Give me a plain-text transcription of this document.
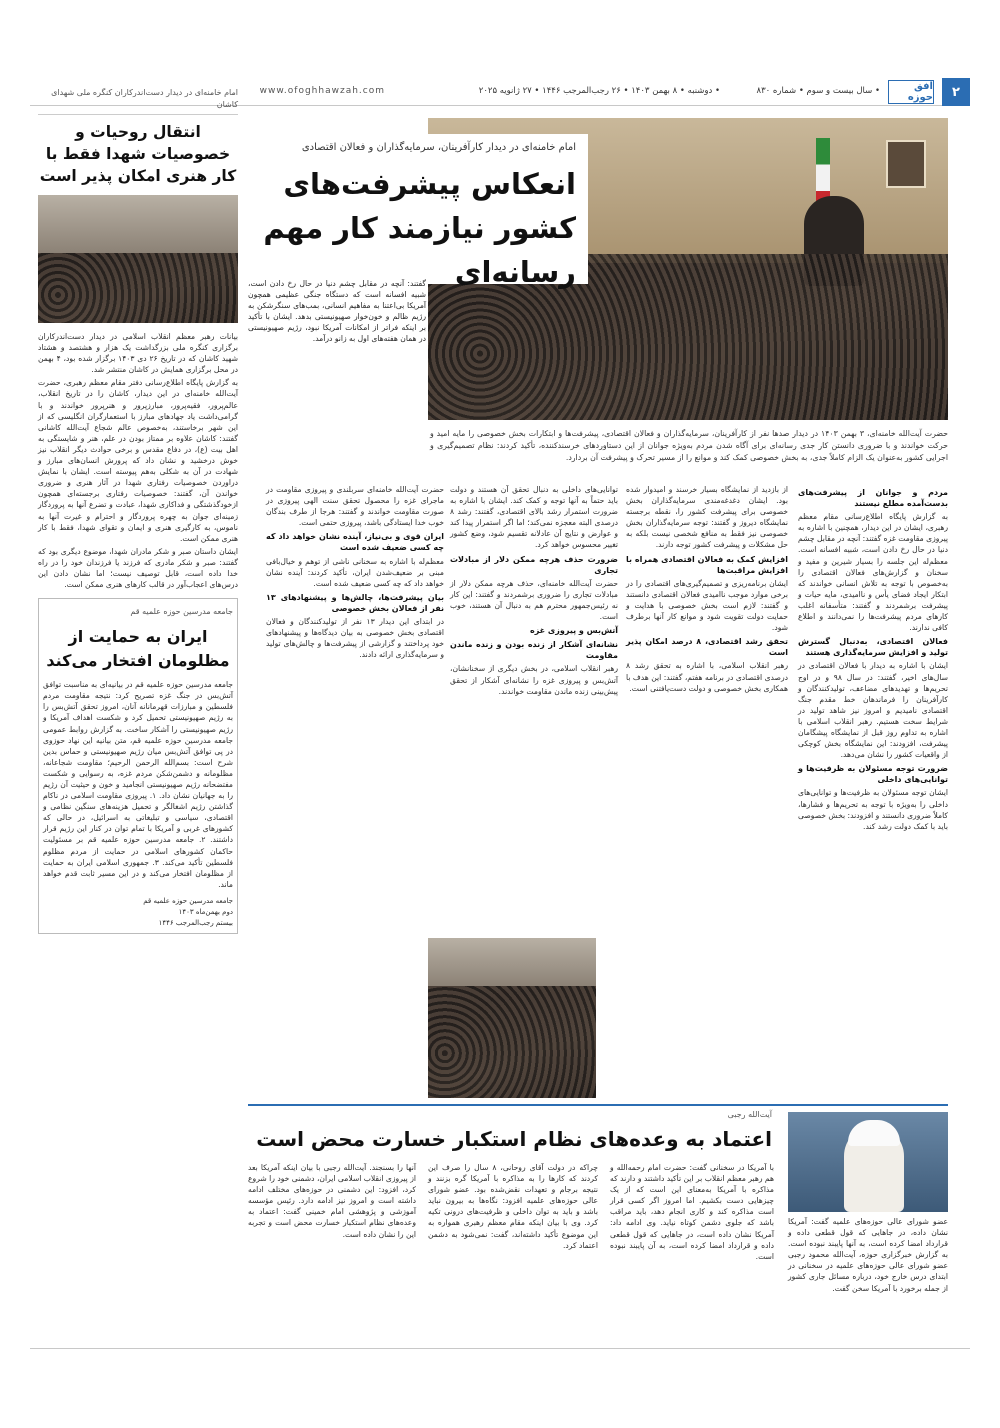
۲
افق حوزه
• سال بیست و سوم • شماره ۸۳۰
• دوشنبه • ۸ بهمن ۱۴۰۳ • ۲۶ رجب‌المرجب ۱۴۴۶ • ۲۷ ژانویه ۲۰۲۵
www.ofoghhawzah.com
امام خامنه‌ای در دیدار دست‌اندرکاران کنگره ملی شهدای کاشان
انتقال روحیات و خصوصیات شهدا فقط با کار هنری امکان پذیر است

بیانات رهبر معظم انقلاب اسلامی در دیدار دست‌اندرکاران برگزاری کنگره ملی بزرگداشت یک هزار و هشتصد و هشتاد شهید کاشان که در تاریخ ۲۶ دی ۱۴۰۳ برگزار شده بود، ۴ بهمن در محل برگزاری همایش در کاشان منتشر شد.

به گزارش پایگاه اطلاع‌رسانی دفتر مقام معظم رهبری، حضرت آیت‌الله خامنه‌ای در این دیدار، کاشان را در تاریخ انقلاب، عالم‌پرور، فقیه‌پرور، مبارزپرور و هنرپرور خواندند و با گرامی‌داشت یاد جهادهای مبارز با استعمارگران انگلیسی که از این شهر برخاستند، به‌خصوص عالم شجاع آیت‌الله کاشانی گفتند: کاشان علاوه بر ممتاز بودن در علم، هنر و شایستگی به اهل بیت (ع)، در دفاع مقدس و برخی حوادث دیگر انقلاب نیز خوش درخشید و نشان داد که پرورش انسان‌های مبارز و شهادت در آن به شکلی به‌هم پیوسته است. ایشان با نمایش دراوردن خصوصیات رفتاری شهدا در آثار هنری و ضروری خواندن آن، گفتند: خصوصیات رفتاری برجسته‌ای همچون ازخودگذشتگی و فداکاری شهدا، عبادت و تضرع آنها به پروردگار زمینه‌ای جوان به چهره پروردگار و احترام و غیرت آنها به ناموس، به کارگیری هنری و ایمان و تقوای شهدا، فقط با کار هنری ممکن است.

ایشان داستان صبر و شکر مادران شهدا، موضوع دیگری بود که گفتند: صبر و شکر مادری که فرزند یا فرزندان خود را در راه خدا داده است، قابل توصیف نیست؛ اما نشان دادن این درس‌های اعجاب‌آور در قالب کارهای هنری ممکن است.

جامعه مدرسین حوزه علمیه قم
ایران به حمایت از مظلومان افتخار می‌کند

جامعه مدرسین حوزه علمیه قم در بیانیه‌ای به مناسبت توافق آتش‌بس در جنگ غزه تصریح کرد: نتیجه مقاومت مردم فلسطین و مبارزات قهرمانانه آنان، امروز تحقق آتش‌بس را به رژیم صهیونیستی تحمیل کرد و شکست اهداف آمریکا و رژیم صهیونیستی را آشکار ساخت. به گزارش روابط عمومی جامعه مدرسین حوزه علمیه قم، متن بیانیه این نهاد حوزوی در پی توافق آتش‌بس میان رژیم صهیونیستی و حماس بدین شرح است: بسم‌الله الرحمن الرحیم؛ مقاومت شجاعانه، مظلومانه و دشمن‌شکن مردم غزه، به رسوایی و شکست مفتضحانه رژیم صهیونیستی انجامید و خون و حیثیت آن رژیم را به جهانیان نشان داد. ۱. پیروزی مقاومت اسلامی در ناکام گذاشتن رژیم اشغالگر و تحمیل هزینه‌های سنگین نظامی و اقتصادی، سیاسی و تبلیغاتی به اسرائیل، در حالی که کشورهای غربی و آمریکا با تمام توان در کنار این رژیم قرار داشتند. ۲. جامعه مدرسین حوزه علمیه قم بر مسئولیت حاکمان کشورهای اسلامی در حمایت از مردم مظلوم فلسطین تأکید می‌کند. ۳. جمهوری اسلامی ایران به حمایت از مظلومان افتخار می‌کند و در این مسیر ثابت قدم خواهد ماند.

جامعه مدرسین حوزه علمیه قم

دوم بهمن‌ماه ۱۴۰۳

بیستم رجب‌المرجب ۱۴۴۶

امام خامنه‌ای در دیدار کارآفرینان، سرمایه‌گذاران و فعالان اقتصادی
انعکاس پیشرفت‌های کشور نیازمند کار مهم رسانه‌ای
حضرت آیت‌الله خامنه‌ای، ۳ بهمن ۱۴۰۳ در دیدار صدها نفر از کارآفرینان، سرمایه‌گذاران و فعالان اقتصادی، پیشرفت‌ها و ابتکارات بخش خصوصی را مایه امید و حرکت خواندند و با ضروری دانستن کار جدی رسانه‌ای برای آگاه شدن مردم به‌ویژه جوانان از این دستاوردهای خرسندکننده، تأکید کردند: نظام تصمیم‌گیری و اجرایی کشور به‌عنوان یک الزام کاملاً جدی، به بخش خصوصی کمک کند و موانع را از مسیر تحرک و پیشرفت آن بردارد.
گفتند: آنچه در مقابل چشم دنیا در حال رخ دادن است، شبیه افسانه است که دستگاه جنگی عظیمی همچون آمریکا بی‌اعتنا به مفاهیم انسانی، بمب‌های سنگرشکن به رژیم ظالم و خون‌خوار صهیونیستی بدهد. ایشان با تأکید بر اینکه فراتر از امکانات آمریکا نبود، رژیم صهیونیستی در همان هفته‌های اول به زانو درآمد.
مردم و جوانان از پیشرفت‌های بدست‌آمده مطلع نیستند
به گزارش پایگاه اطلاع‌رسانی مقام معظم رهبری، ایشان در این دیدار، همچنین با اشاره به پیروزی مقاومت غزه گفتند: آنچه در مقابل چشم دنیا در حال رخ دادن است، شبیه افسانه است. معظم‌له این جلسه را بسیار شیرین و مفید و سخنان و گزارش‌های فعالان اقتصادی را به‌خصوص با توجه به تلاش انسانی خواندند که ابتکار ایجاد فضای یأس و ناامیدی، مایه حیات و پیشرفت برشمردند و گفتند: متأسفانه اغلب کارهای مردم پیشرفت‌ها را نمی‌دانند و اطلاع کافی ندارند.
فعالان اقتصادی، به‌دنبال گسترش تولید و افزایش سرمایه‌گذاری هستند
ایشان با اشاره به دیدار با فعالان اقتصادی در سال‌های اخیر، گفتند: در سال ۹۸ و در اوج تحریم‌ها و تهدیدهای مضاعف، تولیدکنندگان و کارآفرینان را فرماندهان خط مقدم جنگ اقتصادی نامیدیم و امروز نیز شاهد تولید در شرایط سخت هستیم. رهبر انقلاب اسلامی با اشاره به تداوم روز قبل از نمایشگاه پیشگامان پیشرفت، افزودند: این نمایشگاه بخش کوچکی از واقعیات کشور را نشان می‌دهد.
ضرورت توجه مسئولان به ظرفیت‌ها و توانایی‌های داخلی
ایشان توجه مسئولان به ظرفیت‌ها و توانایی‌های داخلی را به‌ویژه با توجه به تحریم‌ها و فشارها، کاملاً ضروری دانستند و افزودند: بخش خصوصی باید با کمک دولت رشد کند.
از بازدید از نمایشگاه بسیار خرسند و امیدوار شده بود. ایشان دغدغه‌مندی سرمایه‌گذاران بخش خصوصی برای پیشرفت کشور را، نقطه برجسته نمایشگاه دیروز و گفتند: توجه سرمایه‌گذاران بخش خصوصی نیز فقط به منافع شخصی نیست بلکه به حل مشکلات و پیشرفت کشور توجه دارند.
افزایش کمک به فعالان اقتصادی همراه با افزایش مراقبت‌ها
ایشان برنامه‌ریزی و تصمیم‌گیری‌های اقتصادی را در برخی موارد موجب ناامیدی فعالان اقتصادی دانستند و گفتند: لازم است بخش خصوصی با هدایت و حمایت دولت تقویت شود و موانع کار آنها برطرف شود.
تحقق رشد اقتصادی، ۸ درصد امکان پذیر است
رهبر انقلاب اسلامی، با اشاره به تحقق رشد ۸ درصدی اقتصادی در برنامه هفتم، گفتند: این هدف با همکاری بخش خصوصی و دولت دست‌یافتنی است.
توانایی‌های داخلی به دنبال تحقق آن هستند و دولت باید حتماً به آنها توجه و کمک کند. ایشان با اشاره به ضرورت استمرار رشد بالای اقتصادی، گفتند: رشد ۸ درصدی البته معجزه نمی‌کند؛ اما اگر استمرار پیدا کند و عوارض و نتایج آن عادلانه تقسیم شود، وضع کشور تغییر محسوس خواهد کرد.
ضرورت حذف هرچه ممکن دلار از مبادلات تجاری
حضرت آیت‌الله خامنه‌ای، حذف هرچه ممکن دلار از مبادلات تجاری را ضروری برشمردند و گفتند: این کار نه رئیس‌جمهور محترم هم به دنبال آن هستند، خوب است.
آتش‌بس و پیروزی غزه
نشانه‌ای آشکار از زنده بودن و زنده ماندن مقاومت
رهبر انقلاب اسلامی، در بخش دیگری از سخنانشان، آتش‌بس و پیروزی غزه را نشانه‌ای آشکار از تحقق پیش‌بینی زنده ماندن مقاومت خواندند.
حضرت آیت‌الله خامنه‌ای سربلندی و پیروزی مقاومت در ماجرای غزه را محصول تحقق سنت الهی پیروزی در صورت مقاومت خواندند و گفتند: هرجا از طرف بندگان خوب خدا ایستادگی باشد، پیروزی حتمی است.
ایران قوی و بی‌نیاز، آینده نشان خواهد داد که چه کسی ضعیف شده است
معظم‌له با اشاره به سخنانی ناشی از توهم و خیال‌بافی مبنی بر ضعیف‌شدن ایران، تأکید کردند: آینده نشان خواهد داد که چه کسی ضعیف شده است.
بیان پیشرفت‌ها، چالش‌ها و پیشنهادهای ۱۳ نفر از فعالان بخش خصوصی
در ابتدای این دیدار ۱۳ نفر از تولیدکنندگان و فعالان اقتصادی بخش خصوصی به بیان دیدگاه‌ها و پیشنهادهای خود پرداختند و گزارشی از پیشرفت‌ها و چالش‌های تولید و سرمایه‌گذاری ارائه دادند.
آیت‌الله رجبی
اعتماد به وعده‌های نظام استکبار خسارت محض است
عضو شورای عالی حوزه‌های علمیه گفت: آمریکا نشان داده، در جاهایی که قول قطعی داده و قرارداد امضا کرده است، به آنها پایبند نبوده است. به گزارش خبرگزاری حوزه، آیت‌الله محمود رجبی عضو شورای عالی حوزه‌های علمیه در سخنانی در ابتدای درس خارج خود، درباره مسائل جاری کشور از جمله برخورد با آمریکا سخن گفت.
با آمریکا در سخنانی گفت: حضرت امام رحمه‌الله و هم رهبر معظم انقلاب بر این تأکید داشتند و دارند که مذاکره با آمریکا به‌معنای این است که از یک چیزهایی دست بکشیم. اما امروز اگر کسی قرار است مذاکره کند و کاری انجام دهد، باید مراقب باشد که جلوی دشمن کوتاه نیاید. وی ادامه داد: آمریکا نشان داده است، در جاهایی که قول قطعی داده و قرارداد امضا کرده است، به آن پایبند نبوده است.
چراکه در دولت آقای روحانی، ۸ سال را صرف این کردند که کارها را به مذاکره با آمریکا گره بزنند و نتیجه برجام و تعهدات نقض‌شده بود. عضو شورای عالی حوزه‌های علمیه افزود: نگاه‌ها به بیرون نباید باشد و باید به توان داخلی و ظرفیت‌های درونی تکیه کرد. وی با بیان اینکه مقام معظم رهبری همواره به این موضوع تأکید داشته‌اند، گفت: نمی‌شود به دشمن اعتماد کرد.
آنها را بسنجند. آیت‌الله رجبی با بیان اینکه آمریکا بعد از پیروزی انقلاب اسلامی ایران، دشمنی خود را شروع کرد، افزود: این دشمنی در حوزه‌های مختلف ادامه داشته است و امروز نیز ادامه دارد. رئیس مؤسسه آموزشی و پژوهشی امام خمینی گفت: اعتماد به وعده‌های نظام استکبار خسارت محض است و تجربه این را نشان داده است.
